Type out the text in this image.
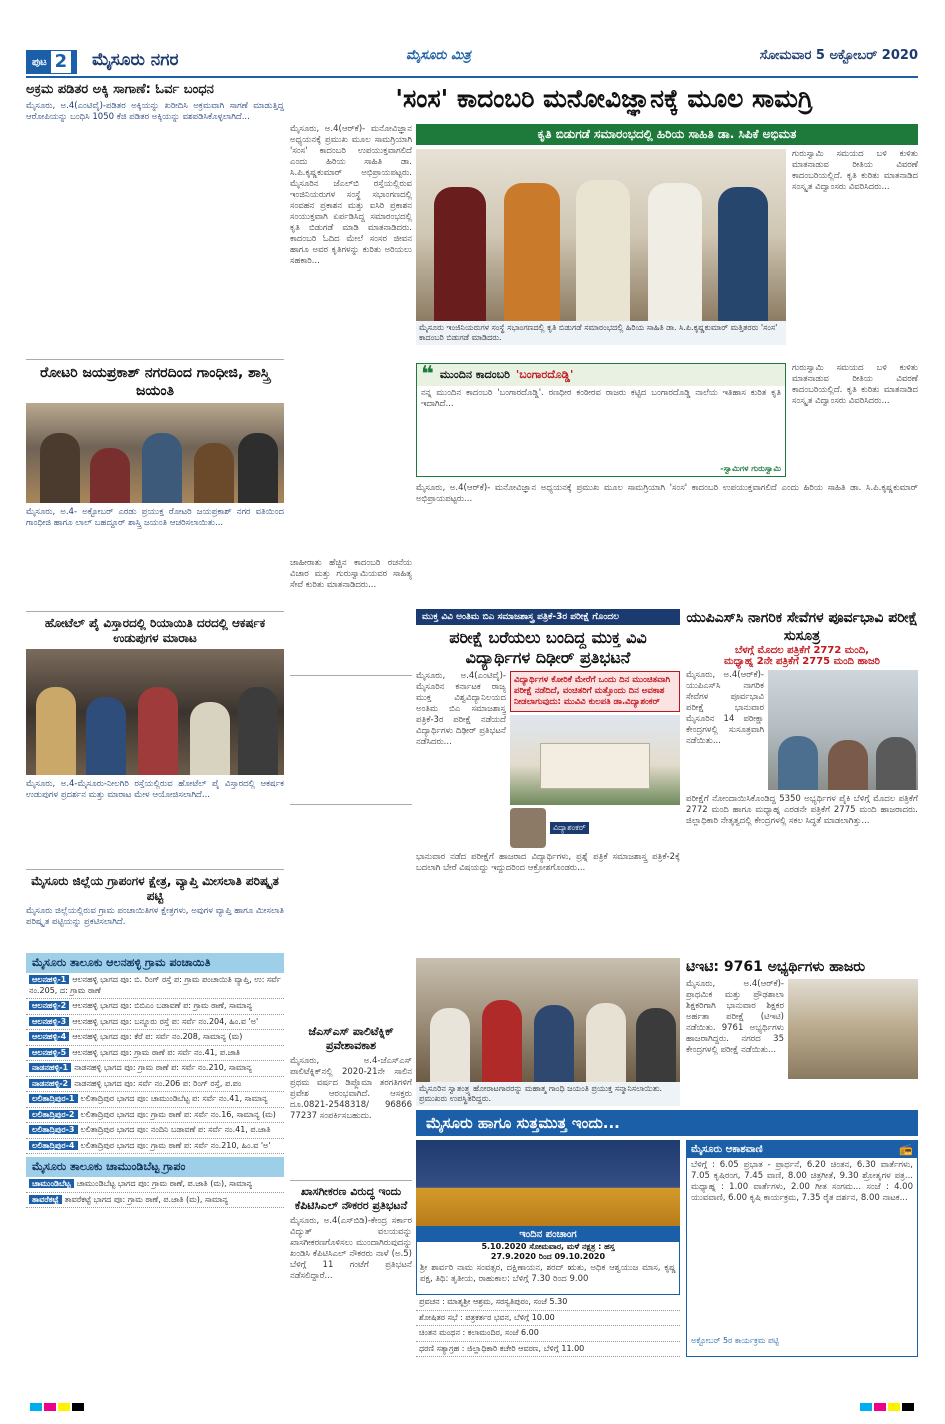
ಪುಟ 2 ಮೈಸೂರು ನಗರ	ಮೈಸೂರು ಮಿತ್ರ	ಸೋಮವಾರ 5 ಅಕ್ಟೋಬರ್ 2020
ಅಕ್ರಮ ಪಡಿತರ ಅಕ್ಕಿ ಸಾಗಾಣೆ: ಓರ್ವ ಬಂಧನ
ಮೈಸೂರು, ಅ.4(ಎಂಟಿವೈ)-ಪಡಿತರ ಅಕ್ಕಿಯನ್ನು ಖರೀದಿಸಿ ಅಕ್ರಮವಾಗಿ ಸಾಗಣೆ ಮಾಡುತ್ತಿದ್ದ ಆರೋಪಿಯನ್ನು ಬಂಧಿಸಿ 1050 ಕೆಜಿ ಪಡಿತರ ಅಕ್ಕಿಯನ್ನು ವಶಪಡಿಸಿಕೊಳ್ಳಲಾಗಿದೆ...
ರೋಟರಿ ಜಯಪ್ರಕಾಶ್ ನಗರದಿಂದ ಗಾಂಧೀಜಿ, ಶಾಸ್ತ್ರಿ ಜಯಂತಿ
ಮೈಸೂರು, ಅ.4- ಅಕ್ಟೋಬರ್ ಎರಡು ಪ್ರಯುಕ್ತ ರೋಟರಿ ಜಯಪ್ರಕಾಶ್ ನಗರ ವತಿಯಿಂದ ಗಾಂಧೀಜಿ ಹಾಗೂ ಲಾಲ್ ಬಹದ್ದೂರ್ ಶಾಸ್ತ್ರಿ ಜಯಂತಿ ಆಚರಿಸಲಾಯಿತು...
ಹೋಟೆಲ್ ಪೈ ವಿಸ್ತಾರದಲ್ಲಿ ರಿಯಾಯಿತಿ ದರದಲ್ಲಿ ಆಕರ್ಷಕ ಉಡುಪುಗಳ ಮಾರಾಟ
ಮೈಸೂರು, ಅ.4-ಮೈಸೂರು-ನೀಲಗಿರಿ ರಸ್ತೆಯಲ್ಲಿರುವ ಹೋಟೆಲ್ ಪೈ ವಿಸ್ತಾರದಲ್ಲಿ ಆಕರ್ಷಕ ಉಡುಪುಗಳ ಪ್ರದರ್ಶನ ಮತ್ತು ಮಾರಾಟ ಮೇಳ ಆಯೋಜಿಸಲಾಗಿದೆ...
ಮೈಸೂರು ಜಿಲ್ಲೆಯ ಗ್ರಾಪಂಗಳ ಕ್ಷೇತ್ರ, ವ್ಯಾಪ್ತಿ ಮೀಸಲಾತಿ ಪರಿಷ್ಕೃತ ಪಟ್ಟಿ
ಮೈಸೂರು ಜಿಲ್ಲೆಯಲ್ಲಿರುವ ಗ್ರಾಮ ಪಂಚಾಯಿತಿಗಳ ಕ್ಷೇತ್ರಗಳು, ಅವುಗಳ ವ್ಯಾಪ್ತಿ ಹಾಗೂ ಮೀಸಲಾತಿ ಪರಿಷ್ಕೃತ ಪಟ್ಟಿಯನ್ನು ಪ್ರಕಟಿಸಲಾಗಿದೆ.
ಮೈಸೂರು ತಾಲೂಕು ಆಲನಹಳ್ಳಿ ಗ್ರಾಮ ಪಂಚಾಯಿತಿ
ಆಲನಹಳ್ಳಿ-1 ಆಲನಹಳ್ಳಿ ಭಾಗದ ಪೂ: ಬಿ. ರಿಂಗ್ ರಸ್ತೆ ಪ: ಗ್ರಾಮ ಪಂಚಾಯಿತಿ ವ್ಯಾಪ್ತಿ, ಉ: ಸರ್ವೆ ನಂ.205, ದ: ಗ್ರಾಮ ಠಾಣೆ
ಆಲನಹಳ್ಳಿ-2 ಆಲನಹಳ್ಳಿ ಭಾಗದ ಪೂ: ಬಿಬಿಎಂ ಬಡಾವಣೆ ಪ: ಗ್ರಾಮ ಠಾಣೆ, ಸಾಮಾನ್ಯ
ಆಲನಹಳ್ಳಿ-3 ಆಲನಹಳ್ಳಿ ಭಾಗದ ಪೂ: ಬನ್ನೂರು ರಸ್ತೆ ಪ: ಸರ್ವೆ ನಂ.204, ಹಿಂ.ವ 'ಅ'
ಆಲನಹಳ್ಳಿ-4 ಆಲನಹಳ್ಳಿ ಭಾಗದ ಪೂ: ಕೆರೆ ಪ: ಸರ್ವೆ ನಂ.208, ಸಾಮಾನ್ಯ (ಮ)
ಆಲನಹಳ್ಳಿ-5 ಆಲನಹಳ್ಳಿ ಭಾಗದ ಪೂ: ಗ್ರಾಮ ಠಾಣೆ ಪ: ಸರ್ವೆ ನಂ.41, ಪ.ಜಾತಿ
ನಾಡನಹಳ್ಳಿ-1 ನಾಡನಹಳ್ಳಿ ಭಾಗದ ಪೂ: ಗ್ರಾಮ ಠಾಣೆ ಪ: ಸರ್ವೆ ನಂ.210, ಸಾಮಾನ್ಯ
ನಾಡನಹಳ್ಳಿ-2 ನಾಡನಹಳ್ಳಿ ಭಾಗದ ಪೂ: ಸರ್ವೆ ನಂ.206 ಪ: ರಿಂಗ್ ರಸ್ತೆ, ಪ.ಪಂ
ಲಲಿತಾದ್ರಿಪುರ-1 ಲಲಿತಾದ್ರಿಪುರ ಭಾಗದ ಪೂ: ಚಾಮುಂಡಿಬೆಟ್ಟ ಪ: ಸರ್ವೆ ನಂ.41, ಸಾಮಾನ್ಯ
ಲಲಿತಾದ್ರಿಪುರ-2 ಲಲಿತಾದ್ರಿಪುರ ಭಾಗದ ಪೂ: ಗ್ರಾಮ ಠಾಣೆ ಪ: ಸರ್ವೆ ನಂ.16, ಸಾಮಾನ್ಯ (ಮ)
ಲಲಿತಾದ್ರಿಪುರ-3 ಲಲಿತಾದ್ರಿಪುರ ಭಾಗದ ಪೂ: ನಂದಿನಿ ಬಡಾವಣೆ ಪ: ಸರ್ವೆ ನಂ.41, ಪ.ಜಾತಿ
ಲಲಿತಾದ್ರಿಪುರ-4 ಲಲಿತಾದ್ರಿಪುರ ಭಾಗದ ಪೂ: ಗ್ರಾಮ ಠಾಣೆ ಪ: ಸರ್ವೆ ನಂ.210, ಹಿಂ.ವ 'ಅ'
ಮೈಸೂರು ತಾಲೂಕು ಚಾಮುಂಡಿಬೆಟ್ಟ ಗ್ರಾಪಂ
ಚಾಮುಂಡಿಬೆಟ್ಟ ಚಾಮುಂಡಿಬೆಟ್ಟ ಭಾಗದ ಪೂ: ಗ್ರಾಮ ಠಾಣೆ, ಪ.ಜಾತಿ (ಮ), ಸಾಮಾನ್ಯ
ತಾವರೆಕಟ್ಟೆ ತಾವರೆಕಟ್ಟೆ ಭಾಗದ ಪೂ: ಗ್ರಾಮ ಠಾಣೆ, ಪ.ಜಾತಿ (ಮ), ಸಾಮಾನ್ಯ
'ಸಂಸ' ಕಾದಂಬರಿ ಮನೋವಿಜ್ಞಾನಕ್ಕೆ ಮೂಲ ಸಾಮಗ್ರಿ
ಮೈಸೂರು, ಅ.4(ಆರ್‌ಕೆ)- ಮನೋವಿಜ್ಞಾನ ಅಧ್ಯಯನಕ್ಕೆ ಪ್ರಮುಖ ಮೂಲ ಸಾಮಗ್ರಿಯಾಗಿ 'ಸಂಸ' ಕಾದಂಬರಿ ಉಪಯುಕ್ತವಾಗಲಿದೆ ಎಂದು ಹಿರಿಯ ಸಾಹಿತಿ ಡಾ. ಸಿ.ಪಿ.ಕೃಷ್ಣಕುಮಾರ್ ಅಭಿಪ್ರಾಯಪಟ್ಟರು. ಮೈಸೂರಿನ ಜೆಎಲ್‌ಬಿ ರಸ್ತೆಯಲ್ಲಿರುವ ಇಂಜಿನಿಯರುಗಳ ಸಂಸ್ಥೆ ಸಭಾಂಗಣದಲ್ಲಿ ಸಂವಹನ ಪ್ರಕಾಶನ ಮತ್ತು ಐಸಿರಿ ಪ್ರಕಾಶನ ಸಂಯುಕ್ತವಾಗಿ ಏರ್ಪಡಿಸಿದ್ದ ಸಮಾರಂಭದಲ್ಲಿ ಕೃತಿ ಬಿಡುಗಡೆ ಮಾಡಿ ಮಾತನಾಡಿದರು. ಕಾದಂಬರಿ ಓದಿದ ಮೇಲೆ ಸಂಸರ ಜೀವನ ಹಾಗೂ ಅವರ ಕೃತಿಗಳನ್ನು ಕುರಿತು ಅರಿಯಲು ಸಹಕಾರಿ...
ಜಾಹೀರಾತು ಹೆಚ್ಚಿನ ಕಾದಂಬರಿ ರಚನೆಯ ವಿಚಾರ ಮತ್ತು ಗುರುಸ್ವಾಮಿಯವರ ಸಾಹಿತ್ಯ ಸೇವೆ ಕುರಿತು ಮಾತನಾಡಿದರು...
ಜೆಎಸ್‌ಎಸ್ ಪಾಲಿಟೆಕ್ನಿಕ್ ಪ್ರವೇಶಾವಕಾಶ
ಮೈಸೂರು, ಅ.4-ಜೆಎಸ್‌ಎಸ್ ಪಾಲಿಟೆಕ್ನಿಕ್‌ನಲ್ಲಿ 2020-21ನೇ ಸಾಲಿನ ಪ್ರಥಮ ವರ್ಷದ ಡಿಪ್ಲೊಮಾ ತರಗತಿಗಳಿಗೆ ಪ್ರವೇಶ ಆರಂಭವಾಗಿದೆ. ಆಸಕ್ತರು ದೂ.0821-2548318/ 96866 77237 ಸಂಪರ್ಕಿಸಬಹುದು.
ಖಾಸಗೀಕರಣ ವಿರುದ್ಧ ಇಂದು ಕೆಪಿಟಿಸಿಎಲ್ ನೌಕರರ ಪ್ರತಿಭಟನೆ
ಮೈಸೂರು, ಅ.4(ಎಸ್‌ಬಿಡಿ)-ಕೇಂದ್ರ ಸರ್ಕಾರ ವಿದ್ಯುತ್ ವಲಯವನ್ನು ಖಾಸಗೀಕರಣಗೊಳಿಸಲು ಮುಂದಾಗಿರುವುದನ್ನು ಖಂಡಿಸಿ ಕೆಪಿಟಿಸಿಎಲ್ ನೌಕರರು ನಾಳೆ (ಅ.5) ಬೆಳಿಗ್ಗೆ 11 ಗಂಟೆಗೆ ಪ್ರತಿಭಟನೆ ನಡೆಸಲಿದ್ದಾರೆ...
ಕೃತಿ ಬಿಡುಗಡೆ ಸಮಾರಂಭದಲ್ಲಿ ಹಿರಿಯ ಸಾಹಿತಿ ಡಾ. ಸಿಪಿಕೆ ಅಭಿಮತ
ಮೈಸೂರು ಇಂಜಿನಿಯರುಗಳ ಸಂಸ್ಥೆ ಸಭಾಂಗಣದಲ್ಲಿ ಕೃತಿ ಬಿಡುಗಡೆ ಸಮಾರಂಭದಲ್ಲಿ ಹಿರಿಯ ಸಾಹಿತಿ ಡಾ. ಸಿ.ಪಿ.ಕೃಷ್ಣಕುಮಾರ್ ಮತ್ತಿತರರು 'ಸಂಸ' ಕಾದಂಬರಿ ಬಿಡುಗಡೆ ಮಾಡಿದರು.
ಗುರುಸ್ವಾಮಿ ಸಮಯದ ಬಳಿ ಕುಳಿತು ಮಾತನಾಡುವ ರೀತಿಯ ವಿವರಣೆ ಕಾದಂಬರಿಯಲ್ಲಿದೆ. ಕೃತಿ ಕುರಿತು ಮಾತನಾಡಿದ ಸಂಸ್ಕೃತ ವಿದ್ವಾಂಸರು ವಿವರಿಸಿದರು...
❝ ಮುಂದಿನ ಕಾದಂಬರಿ 'ಬಂಗಾರದೊಡ್ಡಿ'
ನನ್ನ ಮುಂದಿನ ಕಾದಂಬರಿ 'ಬಂಗಾರದೊಡ್ಡಿ'. ರಣಧೀರ ಕಂಠೀರವ ರಾಜರು ಕಟ್ಟಿದ ಬಂಗಾರದೊಡ್ಡಿ ನಾಲೆಯ ಇತಿಹಾಸ ಕುರಿತ ಕೃತಿ ಇದಾಗಿದೆ...
-ಸ್ವಾಮಿಗಳ ಗುರುಸ್ವಾಮಿ
ಗುರುಸ್ವಾಮಿ ಸಮಯದ ಬಳಿ ಕುಳಿತು ಮಾತನಾಡುವ ರೀತಿಯ ವಿವರಣೆ ಕಾದಂಬರಿಯಲ್ಲಿದೆ. ಕೃತಿ ಕುರಿತು ಮಾತನಾಡಿದ ಸಂಸ್ಕೃತ ವಿದ್ವಾಂಸರು ವಿವರಿಸಿದರು...
ಮೈಸೂರು, ಅ.4(ಆರ್‌ಕೆ)- ಮನೋವಿಜ್ಞಾನ ಅಧ್ಯಯನಕ್ಕೆ ಪ್ರಮುಖ ಮೂಲ ಸಾಮಗ್ರಿಯಾಗಿ 'ಸಂಸ' ಕಾದಂಬರಿ ಉಪಯುಕ್ತವಾಗಲಿದೆ ಎಂದು ಹಿರಿಯ ಸಾಹಿತಿ ಡಾ. ಸಿ.ಪಿ.ಕೃಷ್ಣಕುಮಾರ್ ಅಭಿಪ್ರಾಯಪಟ್ಟರು...
ಮುಕ್ತ ವಿವಿ ಅಂತಿಮ ಬಿಎ ಸಮಾಜಶಾಸ್ತ್ರ ಪತ್ರಿಕೆ-3ರ ಪರೀಕ್ಷೆ ಗೊಂದಲ
ಪರೀಕ್ಷೆ ಬರೆಯಲು ಬಂದಿದ್ದ ಮುಕ್ತ ವಿವಿ ವಿದ್ಯಾರ್ಥಿಗಳ ದಿಢೀರ್ ಪ್ರತಿಭಟನೆ
ಮೈಸೂರು, ಅ.4(ಎಂಟಿವೈ)- ಮೈಸೂರಿನ ಕರ್ನಾಟಕ ರಾಜ್ಯ ಮುಕ್ತ ವಿಶ್ವವಿದ್ಯಾನಿಲಯದ ಅಂತಿಮ ಬಿಎ ಸಮಾಜಶಾಸ್ತ್ರ ಪತ್ರಿಕೆ-3ರ ಪರೀಕ್ಷೆ ನಡೆಯದೆ ವಿದ್ಯಾರ್ಥಿಗಳು ದಿಢೀರ್ ಪ್ರತಿಭಟನೆ ನಡೆಸಿದರು...
ವಿದ್ಯಾರ್ಥಿಗಳ ಕೋರಿಕೆ ಮೇರೆಗೆ ಒಂದು ದಿನ ಮುಂಚಿತವಾಗಿ ಪರೀಕ್ಷೆ ನಡೆದಿದೆ, ವಂಚಿತರಿಗೆ ಮತ್ತೊಂದು ದಿನ ಅವಕಾಶ ನೀಡಲಾಗುವುದು: ಮುವಿವಿ ಕುಲಪತಿ ಡಾ.ವಿದ್ಯಾಶಂಕರ್
ವಿದ್ಯಾಶಂಕರ್
ಭಾನುವಾರ ನಡೆದ ಪರೀಕ್ಷೆಗೆ ಹಾಜರಾದ ವಿದ್ಯಾರ್ಥಿಗಳು, ಪ್ರಶ್ನೆ ಪತ್ರಿಕೆ ಸಮಾಜಶಾಸ್ತ್ರ ಪತ್ರಿಕೆ-2ಕ್ಕೆ ಬದಲಾಗಿ ಬೇರೆ ವಿಷಯದ್ದು ಇದ್ದುದರಿಂದ ಆಕ್ರೋಶಗೊಂಡರು...
ಯುಪಿಎಸ್‌ಸಿ ನಾಗರಿಕ ಸೇವೆಗಳ ಪೂರ್ವಭಾವಿ ಪರೀಕ್ಷೆ ಸುಸೂತ್ರ
ಬೆಳಗ್ಗೆ ಮೊದಲ ಪತ್ರಿಕೆಗೆ 2772 ಮಂದಿ,
ಮಧ್ಯಾಹ್ನ 2ನೇ ಪತ್ರಿಕೆಗೆ 2775 ಮಂದಿ ಹಾಜರಿ
ಮೈಸೂರು, ಅ.4(ಆರ್‌ಕೆ)- ಯುಪಿಎಸ್‌ಸಿ ನಾಗರಿಕ ಸೇವೆಗಳ ಪೂರ್ವಭಾವಿ ಪರೀಕ್ಷೆ ಭಾನುವಾರ ಮೈಸೂರಿನ 14 ಪರೀಕ್ಷಾ ಕೇಂದ್ರಗಳಲ್ಲಿ ಸುಸೂತ್ರವಾಗಿ ನಡೆಯಿತು...
ಪರೀಕ್ಷೆಗೆ ನೋಂದಾಯಿಸಿಕೊಂಡಿದ್ದ 5350 ಅಭ್ಯರ್ಥಿಗಳ ಪೈಕಿ ಬೆಳಿಗ್ಗೆ ಮೊದಲ ಪತ್ರಿಕೆಗೆ 2772 ಮಂದಿ ಹಾಗೂ ಮಧ್ಯಾಹ್ನ ಎರಡನೇ ಪತ್ರಿಕೆಗೆ 2775 ಮಂದಿ ಹಾಜರಾದರು. ಜಿಲ್ಲಾಧಿಕಾರಿ ನೇತೃತ್ವದಲ್ಲಿ ಕೇಂದ್ರಗಳಲ್ಲಿ ಸಕಲ ಸಿದ್ಧತೆ ಮಾಡಲಾಗಿತ್ತು...
ಮೈಸೂರಿನ ಸ್ವಾತಂತ್ರ್ಯ ಹೋರಾಟಗಾರರನ್ನು ಮಹಾತ್ಮ ಗಾಂಧಿ ಜಯಂತಿ ಪ್ರಯುಕ್ತ ಸನ್ಮಾನಿಸಲಾಯಿತು. ಪ್ರಮುಖರು ಉಪಸ್ಥಿತರಿದ್ದರು.
ಟಿಇಟಿ: 9761 ಅಭ್ಯರ್ಥಿಗಳು ಹಾಜರು
ಮೈಸೂರು, ಅ.4(ಆರ್‌ಕೆ)- ಪ್ರಾಥಮಿಕ ಮತ್ತು ಪ್ರೌಢಶಾಲಾ ಶಿಕ್ಷಕರಿಗಾಗಿ ಭಾನುವಾರ ಶಿಕ್ಷಕರ ಅರ್ಹತಾ ಪರೀಕ್ಷೆ (ಟಿಇಟಿ) ನಡೆಯಿತು. 9761 ಅಭ್ಯರ್ಥಿಗಳು ಹಾಜರಾಗಿದ್ದರು. ನಗರದ 35 ಕೇಂದ್ರಗಳಲ್ಲಿ ಪರೀಕ್ಷೆ ನಡೆಯಿತು...
ಮೈಸೂರು ಹಾಗೂ ಸುತ್ತಮುತ್ತ ಇಂದು...
ಇಂದಿನ ಪಂಚಾಂಗ
5.10.2020 ಸೋಮವಾರ, ಮಳೆ ನಕ್ಷತ್ರ : ಹಸ್ತ
27.9.2020 ರಿಂದ 09.10.2020
ಶ್ರೀ ಶಾರ್ವರಿ ನಾಮ ಸಂವತ್ಸರ, ದಕ್ಷಿಣಾಯನ, ಶರದ್ ಋತು, ಅಧಿಕ ಆಶ್ವಯುಜ ಮಾಸ, ಕೃಷ್ಣ ಪಕ್ಷ, ತಿಥಿ: ತೃತೀಯ, ರಾಹುಕಾಲ: ಬೆಳಿಗ್ಗೆ 7.30 ರಿಂದ 9.00
ಪ್ರವಚನ : ಮಾತೃಶ್ರೀ ಆಶ್ರಮ, ಸರಸ್ವತಿಪುರಂ, ಸಂಜೆ 5.30
ಶೋಷಿತರ ಸಭೆ : ಪತ್ರಕರ್ತರ ಭವನ, ಬೆಳಿಗ್ಗೆ 10.00
ಚಿಂತನ ಮಂಥನ : ಕಲಾಮಂದಿರ, ಸಂಜೆ 6.00
ಧರಣಿ ಸತ್ಯಾಗ್ರಹ : ಜಿಲ್ಲಾಧಿಕಾರಿ ಕಚೇರಿ ಆವರಣ, ಬೆಳಿಗ್ಗೆ 11.00
ಮೈಸೂರು ಆಕಾಶವಾಣಿ	📻
ಬೆಳಿಗ್ಗೆ : 6.05 ಪ್ರಭಾತ - ಪ್ರಾರ್ಥನೆ, 6.20 ಚಿಂತನ, 6.30 ವಾರ್ತೆಗಳು, 7.05 ಕೃಷಿರಂಗ, 7.45 ವಾಣಿ, 8.00 ಚಿತ್ರಗೀತೆ, 9.30 ಶ್ರೋತೃಗಳ ಪತ್ರ... ಮಧ್ಯಾಹ್ನ : 1.00 ವಾರ್ತೆಗಳು, 2.00 ಗೀತ ಸಂಗಮ... ಸಂಜೆ : 4.00 ಯುವವಾಣಿ, 6.00 ಕೃಷಿ ಕಾರ್ಯಕ್ರಮ, 7.35 ರೈತ ದರ್ಶನ, 8.00 ನಾಟಕ...
ಅಕ್ಟೋಬರ್ 5ರ ಕಾರ್ಯಕ್ರಮ ಪಟ್ಟಿ
